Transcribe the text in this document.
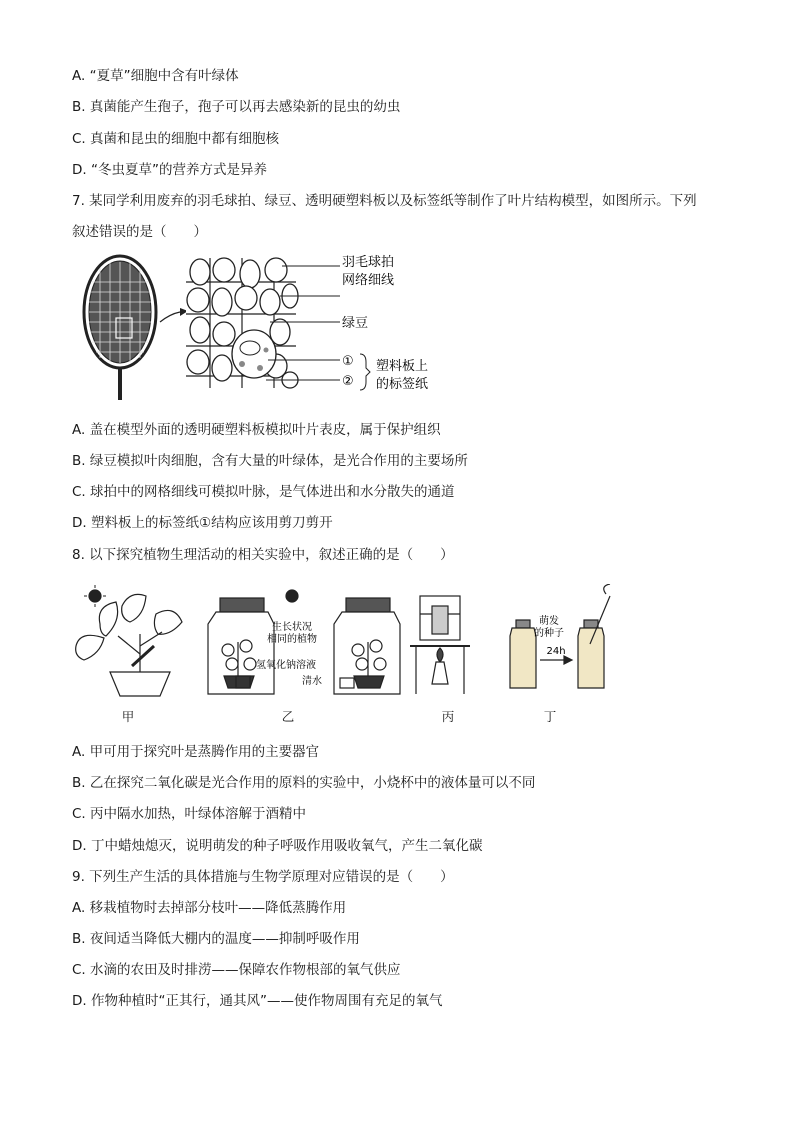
A. “夏草”细胞中含有叶绿体
B. 真菌能产生孢子，孢子可以再去感染新的昆虫的幼虫
C. 真菌和昆虫的细胞中都有细胞核
D. “冬虫夏草”的营养方式是异养
7. 某同学利用废弃的羽毛球拍、绿豆、透明硬塑料板以及标签纸等制作了叶片结构模型，如图所示。下列
叙述错误的是（　　）
羽毛球拍
网络细线
绿豆
①
②
塑料板上
的标签纸
A. 盖在模型外面的透明硬塑料板模拟叶片表皮，属于保护组织
B. 绿豆模拟叶肉细胞，含有大量的叶绿体，是光合作用的主要场所
C. 球拍中的网格细线可模拟叶脉，是气体进出和水分散失的通道
D. 塑料板上的标签纸①结构应该用剪刀剪开
8. 以下探究植物生理活动的相关实验中，叙述正确的是（　　）
生长状况
相同的植物
氢氧化钠溶液
清水
萌发
的种子
24h
甲	乙	丙	丁
A. 甲可用于探究叶是蒸腾作用的主要器官
B. 乙在探究二氧化碳是光合作用的原料的实验中，小烧杯中的液体量可以不同
C. 丙中隔水加热，叶绿体溶解于酒精中
D. 丁中蜡烛熄灭，说明萌发的种子呼吸作用吸收氧气，产生二氧化碳
9. 下列生产生活的具体措施与生物学原理对应错误的是（　　）
A. 移栽植物时去掉部分枝叶——降低蒸腾作用
B. 夜间适当降低大棚内的温度——抑制呼吸作用
C. 水滴的农田及时排涝——保障农作物根部的氧气供应
D. 作物种植时“正其行，通其风”——使作物周围有充足的氧气
